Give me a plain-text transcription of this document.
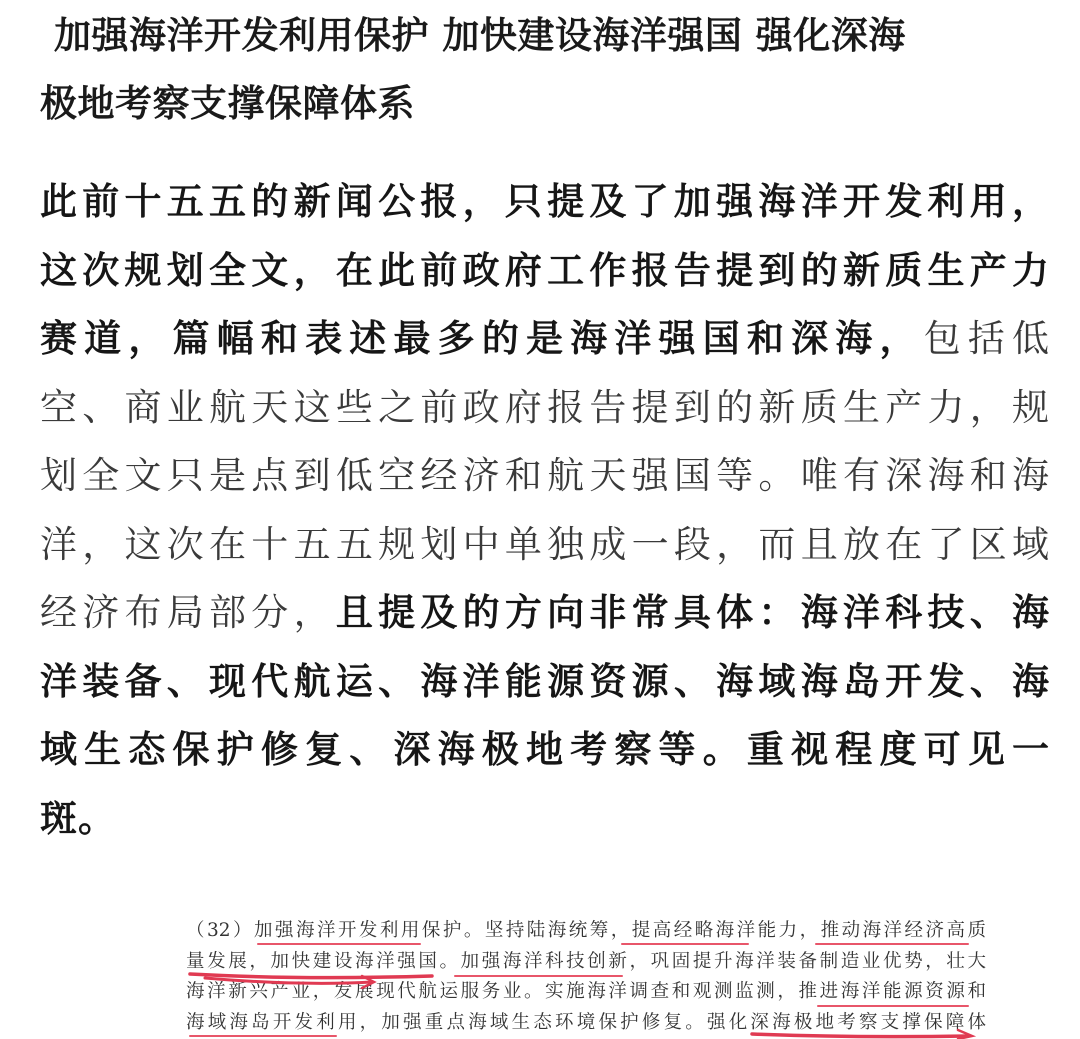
加强海洋开发利用保护 加快建设海洋强国 强化深海
极地考察支撑保障体系
此前十五五的新闻公报，只提及了加强海洋开发利用，
这次规划全文，在此前政府工作报告提到的新质生产力
赛道，篇幅和表述最多的是海洋强国和深海，包括低
空、商业航天这些之前政府报告提到的新质生产力，规
划全文只是点到低空经济和航天强国等。唯有深海和海
洋，这次在十五五规划中单独成一段，而且放在了区域
经济布局部分，且提及的方向非常具体：海洋科技、海
洋装备、现代航运、海洋能源资源、海域海岛开发、海
域生态保护修复、深海极地考察等。重视程度可见一
斑。
（32）加强海洋开发利用保护。坚持陆海统筹，提高经略海洋能力，推动海洋经济高质
量发展，加快建设海洋强国。加强海洋科技创新，巩固提升海洋装备制造业优势，壮大
海洋新兴产业，发展现代航运服务业。实施海洋调查和观测监测，推进海洋能源资源和
海域海岛开发利用，加强重点海域生态环境保护修复。强化深海极地考察支撑保障体
